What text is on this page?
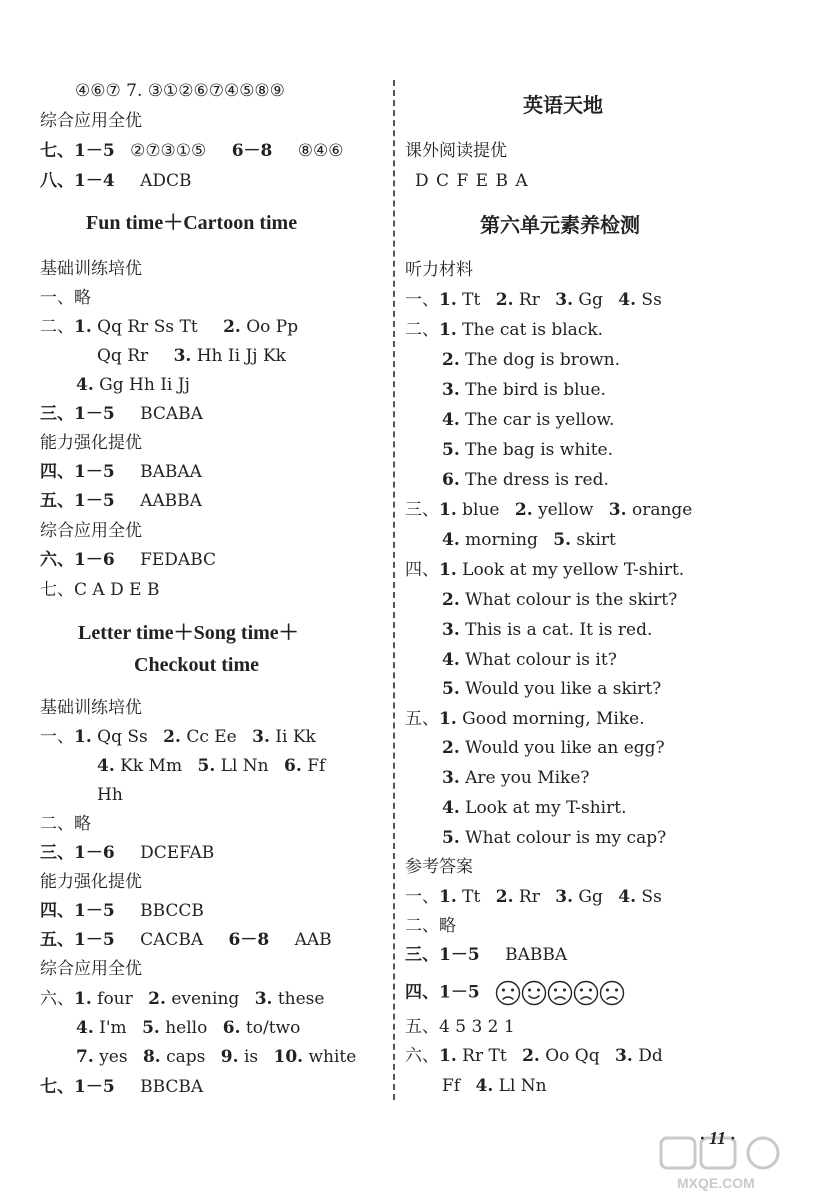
④⑥⑦ 7. ③①②⑥⑦④⑤⑧⑨
综合应用全优
七、1－5 ②⑦③①⑤ 6－8 ⑧④⑥
八、1－4 ADCB
Fun time＋Cartoon time
基础训练培优
一、略
二、1. Qq Rr Ss Tt 2. Oo Pp
Qq Rr 3. Hh Ii Jj Kk
4. Gg Hh Ii Jj
三、1－5 BCABA
能力强化提优
四、1－5 BABAA
五、1－5 AABBA
综合应用全优
六、1－6 FEDABC
七、C A D E B
Letter time＋Song time＋
Checkout time
基础训练培优
一、1. Qq Ss 2. Cc Ee 3. Ii Kk
4. Kk Mm 5. Ll Nn 6. Ff
Hh
二、略
三、1－6 DCEFAB
能力强化提优
四、1－5 BBCCB
五、1－5 CACBA 6－8 AAB
综合应用全优
六、1. four 2. evening 3. these
4. I'm 5. hello 6. to/two
7. yes 8. caps 9. is 10. white
七、1－5 BBCBA
英语天地
课外阅读提优
D C F E B A
第六单元素养检测
听力材料
一、1. Tt 2. Rr 3. Gg 4. Ss
二、1. The cat is black.
2. The dog is brown.
3. The bird is blue.
4. The car is yellow.
5. The bag is white.
6. The dress is red.
三、1. blue 2. yellow 3. orange
4. morning 5. skirt
四、1. Look at my yellow T-shirt.
2. What colour is the skirt?
3. This is a cat. It is red.
4. What colour is it?
5. Would you like a skirt?
五、1. Good morning, Mike.
2. Would you like an egg?
3. Are you Mike?
4. Look at my T-shirt.
5. What colour is my cap?
参考答案
一、1. Tt 2. Rr 3. Gg 4. Ss
二、略
三、1－5 BABBA
四、1－5
五、4 5 3 2 1
六、1. Rr Tt 2. Oo Qq 3. Dd
Ff 4. Ll Nn
· 11 ·
MXQE.COM
